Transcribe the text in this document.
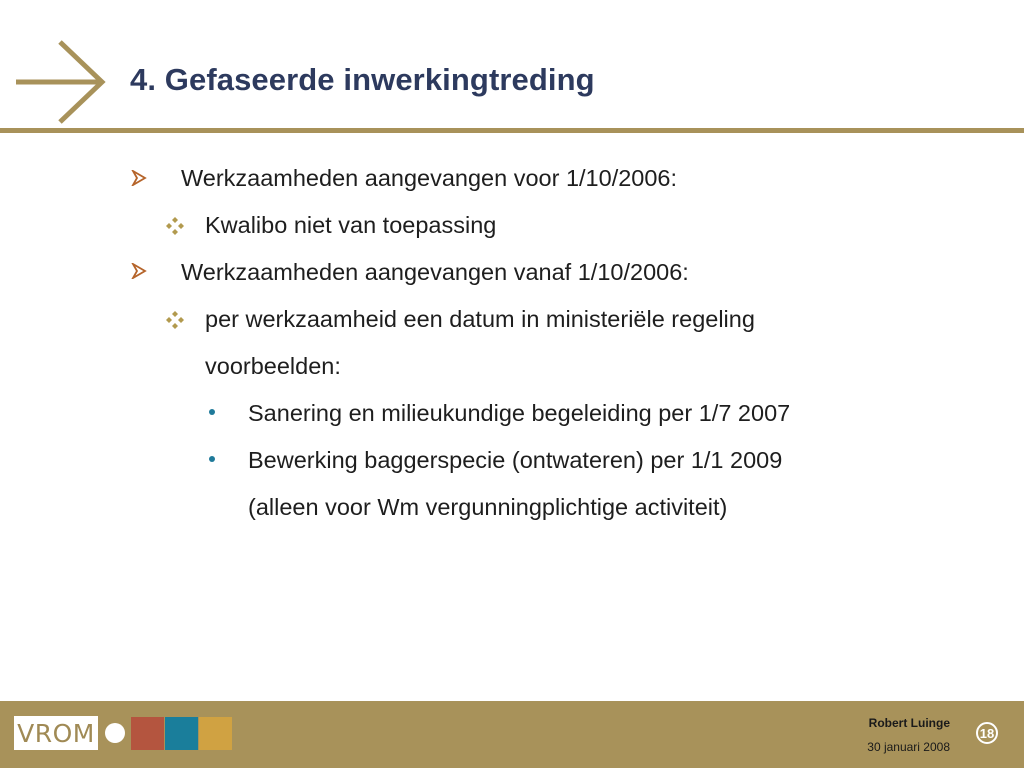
4. Gefaseerde inwerkingtreding
Werkzaamheden aangevangen voor 1/10/2006:
Kwalibo niet van toepassing
Werkzaamheden aangevangen vanaf 1/10/2006:
per werkzaamheid een datum in ministeriële regeling
voorbeelden:
Sanering en milieukundige begeleiding per 1/7 2007
Bewerking baggerspecie (ontwateren) per 1/1 2009
(alleen voor Wm vergunningplichtige activiteit)
VROM	Robert Luinge
30 januari 2008
18
